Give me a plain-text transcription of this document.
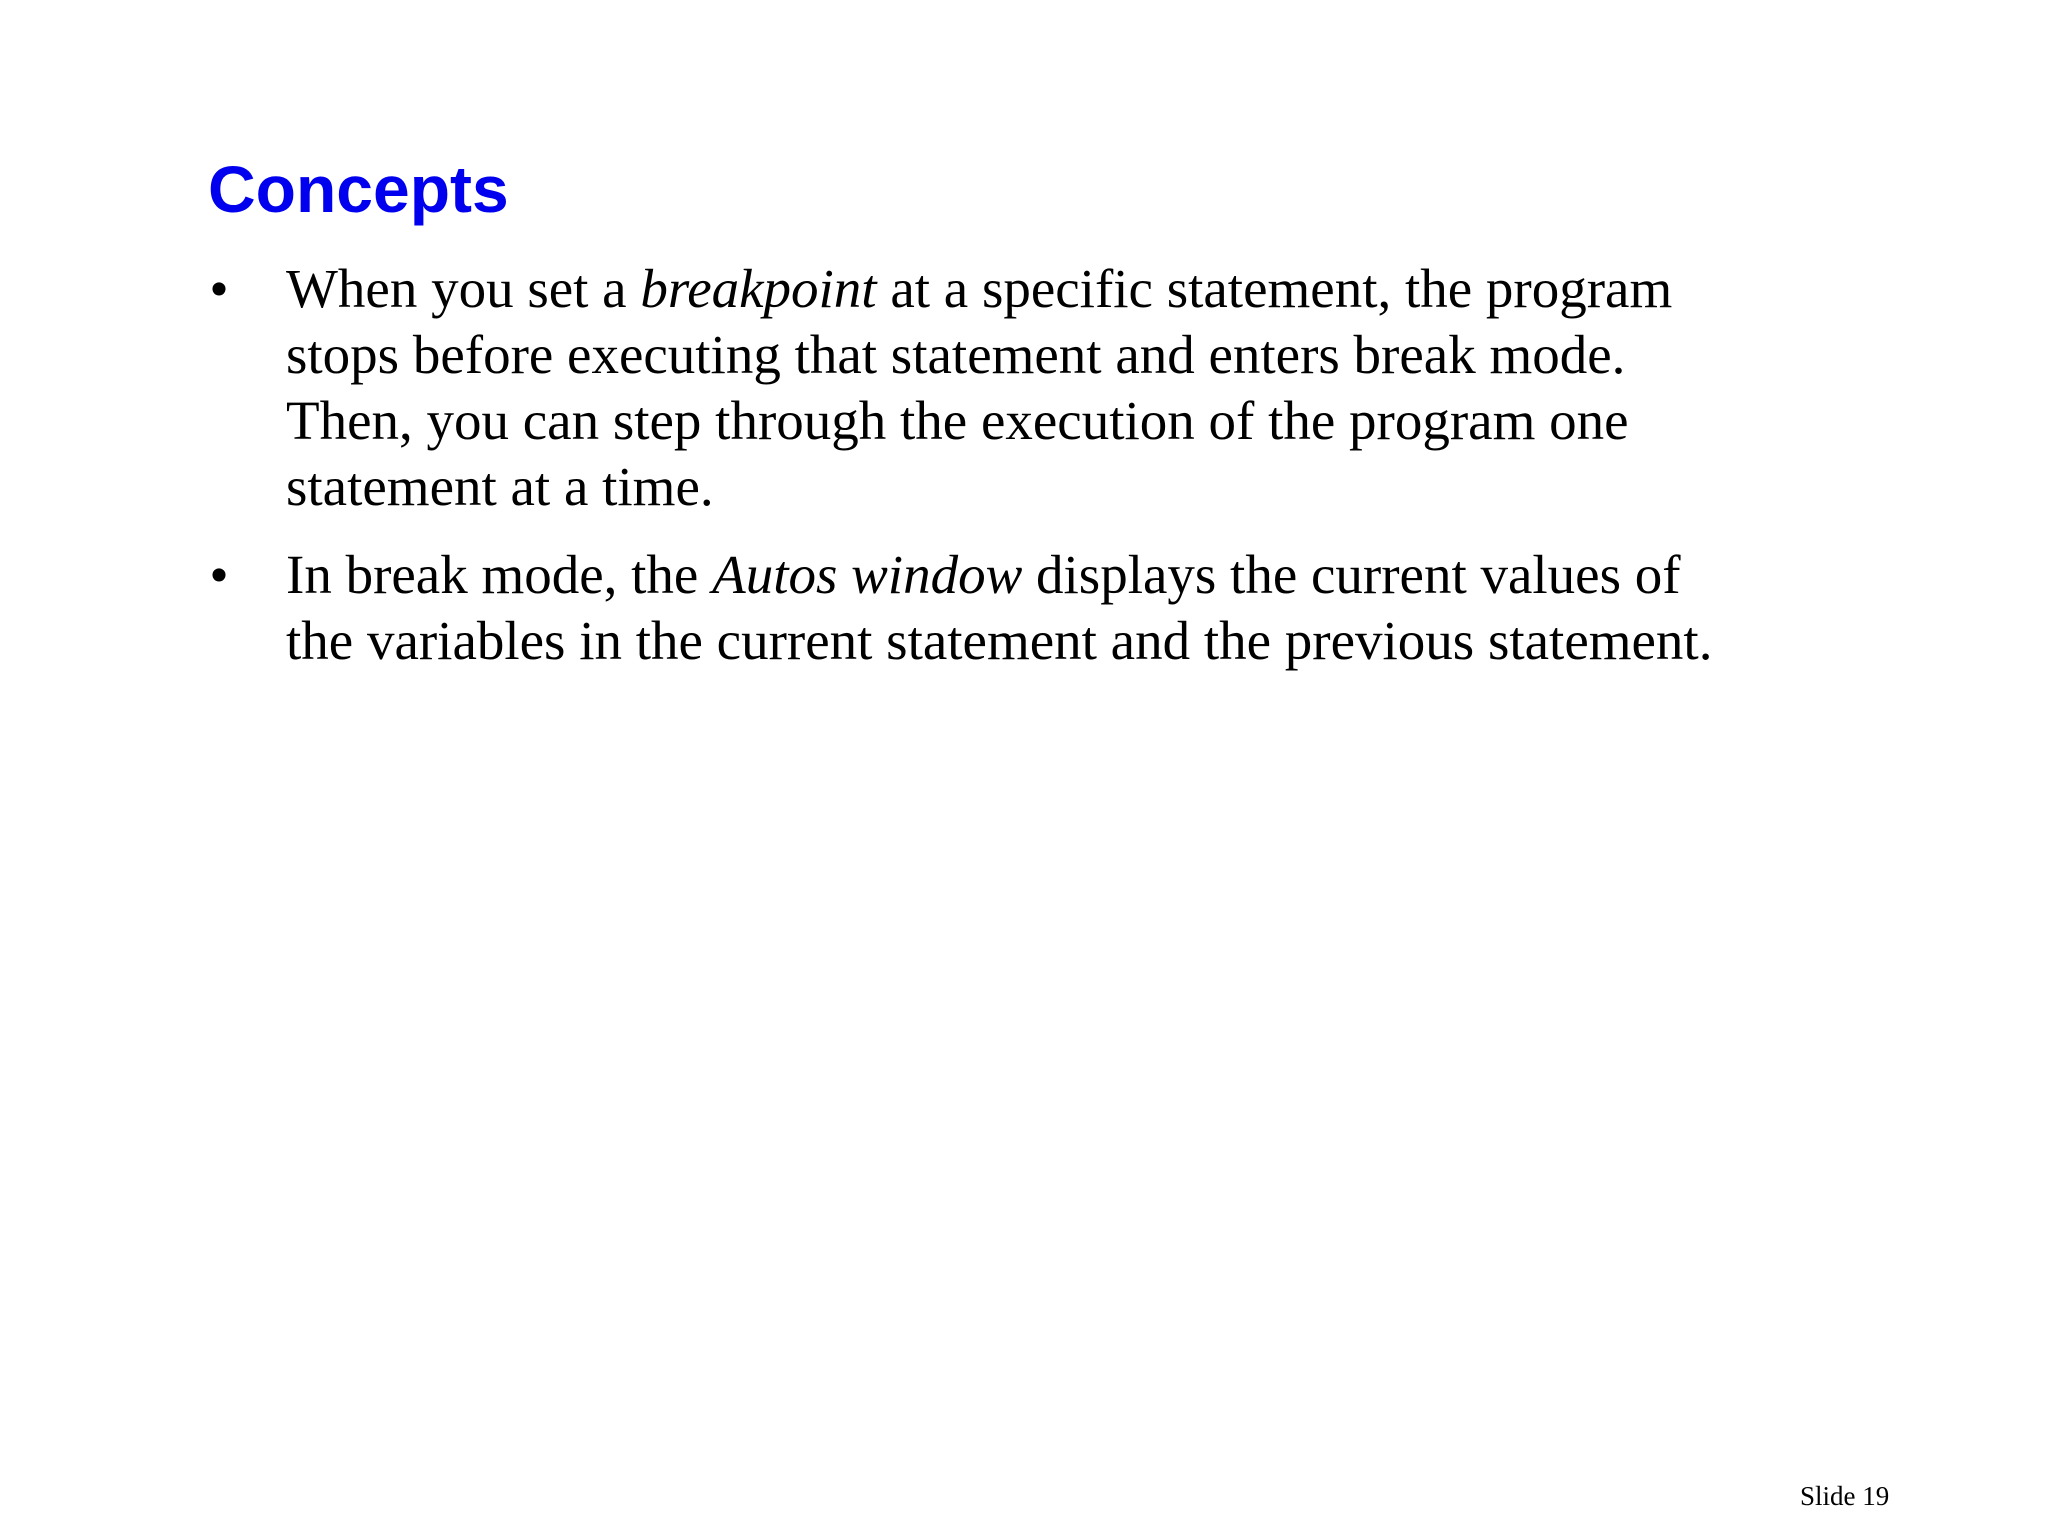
Concepts
• When you set a breakpoint at a specific statement, the program
stops before executing that statement and enters break mode.
Then, you can step through the execution of the program one
statement at a time.
• In break mode, the Autos window displays the current values of
the variables in the current statement and the previous statement.
Slide 19
